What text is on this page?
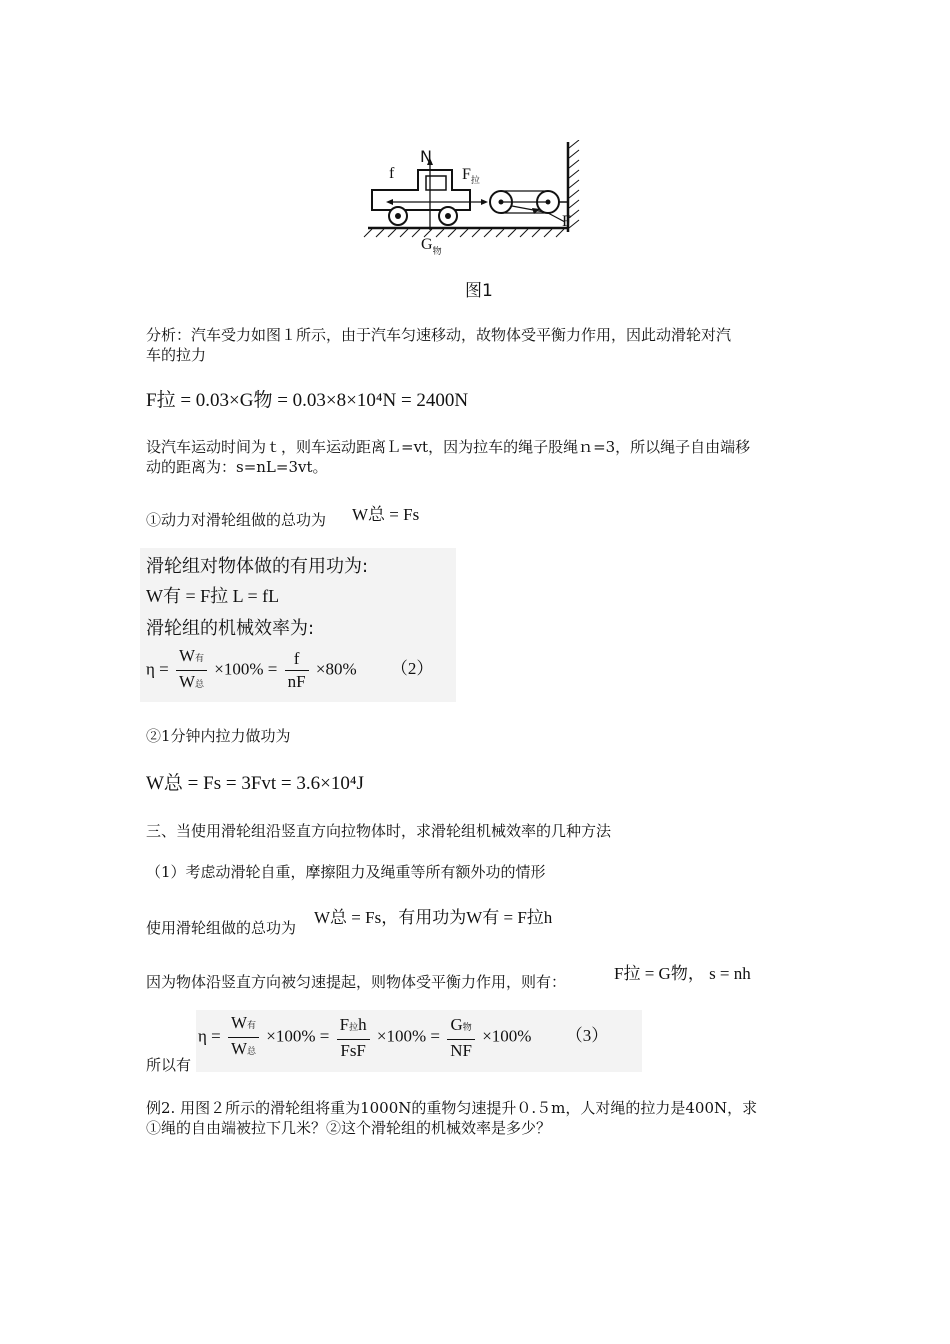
N
f	$F_拉$
F
$G_物$
图1
分析：汽车受力如图１所示，由于汽车匀速移动，故物体受平衡力作用，因此动滑轮对汽
车的拉力
F拉 = 0.03×G物 = 0.03×8×10⁴N = 2400N
设汽车运动时间为ｔ，则车运动距离Ｌ=vt，因为拉车的绳子股绳ｎ=3，所以绳子自由端移
动的距离为：s=nL=3vt。
①动力对滑轮组做的总功为 W总 = Fs
滑轮组对物体做的有用功为:
W有 = F拉 L = fL
滑轮组的机械效率为:
$\eta = \frac{\text{W有}}{\text{W总}} \times 100\% = \frac{f}{nF} \times 80\%$ （2）
②1分钟内拉力做功为
W总 = Fs = 3Fvt = 3.6×10⁴J
三、当使用滑轮组沿竖直方向拉物体时，求滑轮组机械效率的几种方法
（1）考虑动滑轮自重，摩擦阻力及绳重等所有额外功的情形
使用滑轮组做的总功为
W总 = Fs，有用功为W有 = F拉h
因为物体沿竖直方向被匀速提起，则物体受平衡力作用，则有：	F拉 = G物， s = nh
所以有
$\eta = \frac{\text{W有}}{\text{W总}} \times 100\% = \frac{\text{F拉h}}{\text{FsF}} \times 100\% = \frac{\text{G物}}{NF} \times 100\%$ （3）
例2. 用图２所示的滑轮组将重为1000N的重物匀速提升０.５m，人对绳的拉力是400N，求
①绳的自由端被拉下几米？②这个滑轮组的机械效率是多少？
